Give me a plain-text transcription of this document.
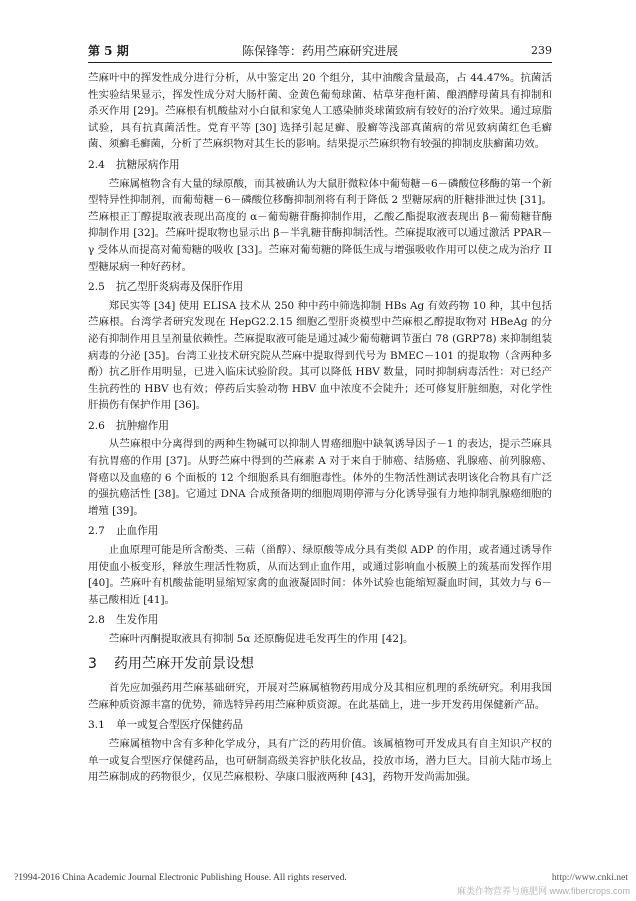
第 5 期	陈保锋等：药用苎麻研究进展	239

苎麻叶中的挥发性成分进行分析，从中鉴定出 20 个组分，其中油酸含量最高，占 44.47%。抗菌活性实验结果显示，挥发性成分对大肠杆菌、金黄色葡萄球菌、枯草芽孢杆菌、酿酒酵母菌具有抑制和杀灭作用 [29]。苎麻根有机酸盐对小白鼠和家兔人工感染肺炎球菌致病有较好的治疗效果。通过琼脂试验，具有抗真菌活性。党育平等 [30] 选择引起足癣、股癣等浅部真菌病的常见致病菌红色毛癣菌、须癣毛癣菌，分析了苎麻织物对其生长的影响。结果提示苎麻织物有较强的抑制皮肤癣菌功效。

2.4 抗糖尿病作用

苎麻属植物含有大量的绿原酸，而其被确认为大鼠肝微粒体中葡萄糖－6－磷酸位移酶的第一个新型特异性抑制剂，而葡萄糖－6－磷酸位移酶抑制剂将有利于降低 2 型糖尿病的肝糖排泄过快 [31]。苎麻根正丁醇提取液表现出高度的 α－葡萄糖苷酶抑制作用，乙酸乙酯提取液表现出 β－葡萄糖苷酶抑制作用 [32]。苎麻叶提取物也显示出 β－半乳糖苷酶抑制活性。苎麻提取液可以通过激活 PPAR－γ 受体从而提高对葡萄糖的吸收 [33]。苎麻对葡萄糖的降低生成与增强吸收作用可以使之成为治疗 II 型糖尿病一种好药材。

2.5 抗乙型肝炎病毒及保肝作用

郑民实等 [34] 使用 ELISA 技术从 250 种中药中筛选抑制 HBs Ag 有效药物 10 种，其中包括苎麻根。台湾学者研究发现在 HepG2.2.15 细胞乙型肝炎模型中苎麻根乙醇提取物对 HBeAg 的分泌有抑制作用且呈剂量依赖性。苎麻提取液可能是通过减少葡萄糖调节蛋白 78 (GRP78) 来抑制组装病毒的分泌 [35]。台湾工业技术研究院从苎麻中提取得到代号为 BMEC－101 的提取物（含两种多酚）抗乙肝作用明显，已进入临床试验阶段。其可以降低 HBV 数量，同时抑制病毒活性：对已经产生抗药性的 HBV 也有效；停药后实验动物 HBV 血中浓度不会陡升；还可修复肝脏细胞，对化学性肝损伤有保护作用 [36]。

2.6 抗肿瘤作用

从苎麻根中分离得到的两种生物碱可以抑制人胃癌细胞中缺氧诱导因子－1 的表达，提示苎麻具有抗胃癌的作用 [37]。从野苎麻中得到的苎麻素 A 对于来自于肺癌、结肠癌、乳腺癌、前列腺癌、肾癌以及血癌的 6 个面板的 12 个细胞系具有细胞毒性。体外的生物活性测试表明该化合物具有广泛的强抗癌活性 [38]。它通过 DNA 合成预备期的细胞周期停滞与分化诱导强有力地抑制乳腺癌细胞的增殖 [39]。

2.7 止血作用

止血原理可能是所含酚类、三萜（甾醇）、绿原酸等成分具有类似 ADP 的作用，或者通过诱导作用使血小板变形，释放生理活性物质，从而达到止血作用，或通过影响血小板膜上的巯基而发挥作用 [40]。苎麻叶有机酸盐能明显缩短家禽的血液凝固时间：体外试验也能缩短凝血时间，其效力与 6－基己酸相近 [41]。

2.8 生发作用

苎麻叶丙酮提取液具有抑制 5α 还原酶促进毛发再生的作用 [42]。

3 药用苎麻开发前景设想

首先应加强药用苎麻基础研究，开展对苎麻属植物药用成分及其相应机理的系统研究。利用我国苎麻种质资源丰富的优势，筛选特异药用苎麻种质资源。在此基础上，进一步开发药用保健新产品。

3.1 单一或复合型医疗保健药品

苎麻属植物中含有多种化学成分，具有广泛的药用价值。该属植物可开发成具有自主知识产权的单一或复合型医疗保健药品，也可研制高级美容护肤化妆品，投放市场，潜力巨大。目前大陆市场上用苎麻制成的药物很少，仅见苎麻根粉、孕康口服液两种 [43]，药物开发尚需加强。

?1994-2016 China Academic Journal Electronic Publishing House. All rights reserved.	http://www.cnki.net
麻类作物营养与施肥网 www.fibercrops.com
